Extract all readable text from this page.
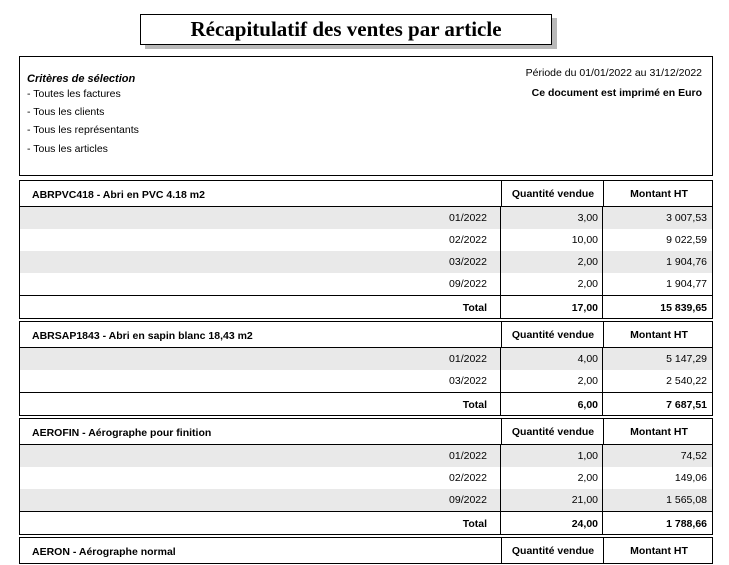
Récapitulatif des ventes par article
Critères de sélection
- Toutes les factures
- Tous les clients
- Tous les représentants
- Tous les articles
Période du 01/01/2022 au 31/12/2022
Ce document est imprimé en Euro
ABRPVC418 - Abri en PVC 4.18 m2	Quantité vendue	Montant HT
01/2022	3,00	3 007,53
02/2022	10,00	9 022,59
03/2022	2,00	1 904,76
09/2022	2,00	1 904,77
Total	17,00	15 839,65
ABRSAP1843 - Abri en sapin blanc 18,43 m2	Quantité vendue	Montant HT
01/2022	4,00	5 147,29
03/2022	2,00	2 540,22
Total	6,00	7 687,51
AEROFIN - Aérographe pour finition	Quantité vendue	Montant HT
01/2022	1,00	74,52
02/2022	2,00	149,06
09/2022	21,00	1 565,08
Total	24,00	1 788,66
AERON - Aérographe normal	Quantité vendue	Montant HT
